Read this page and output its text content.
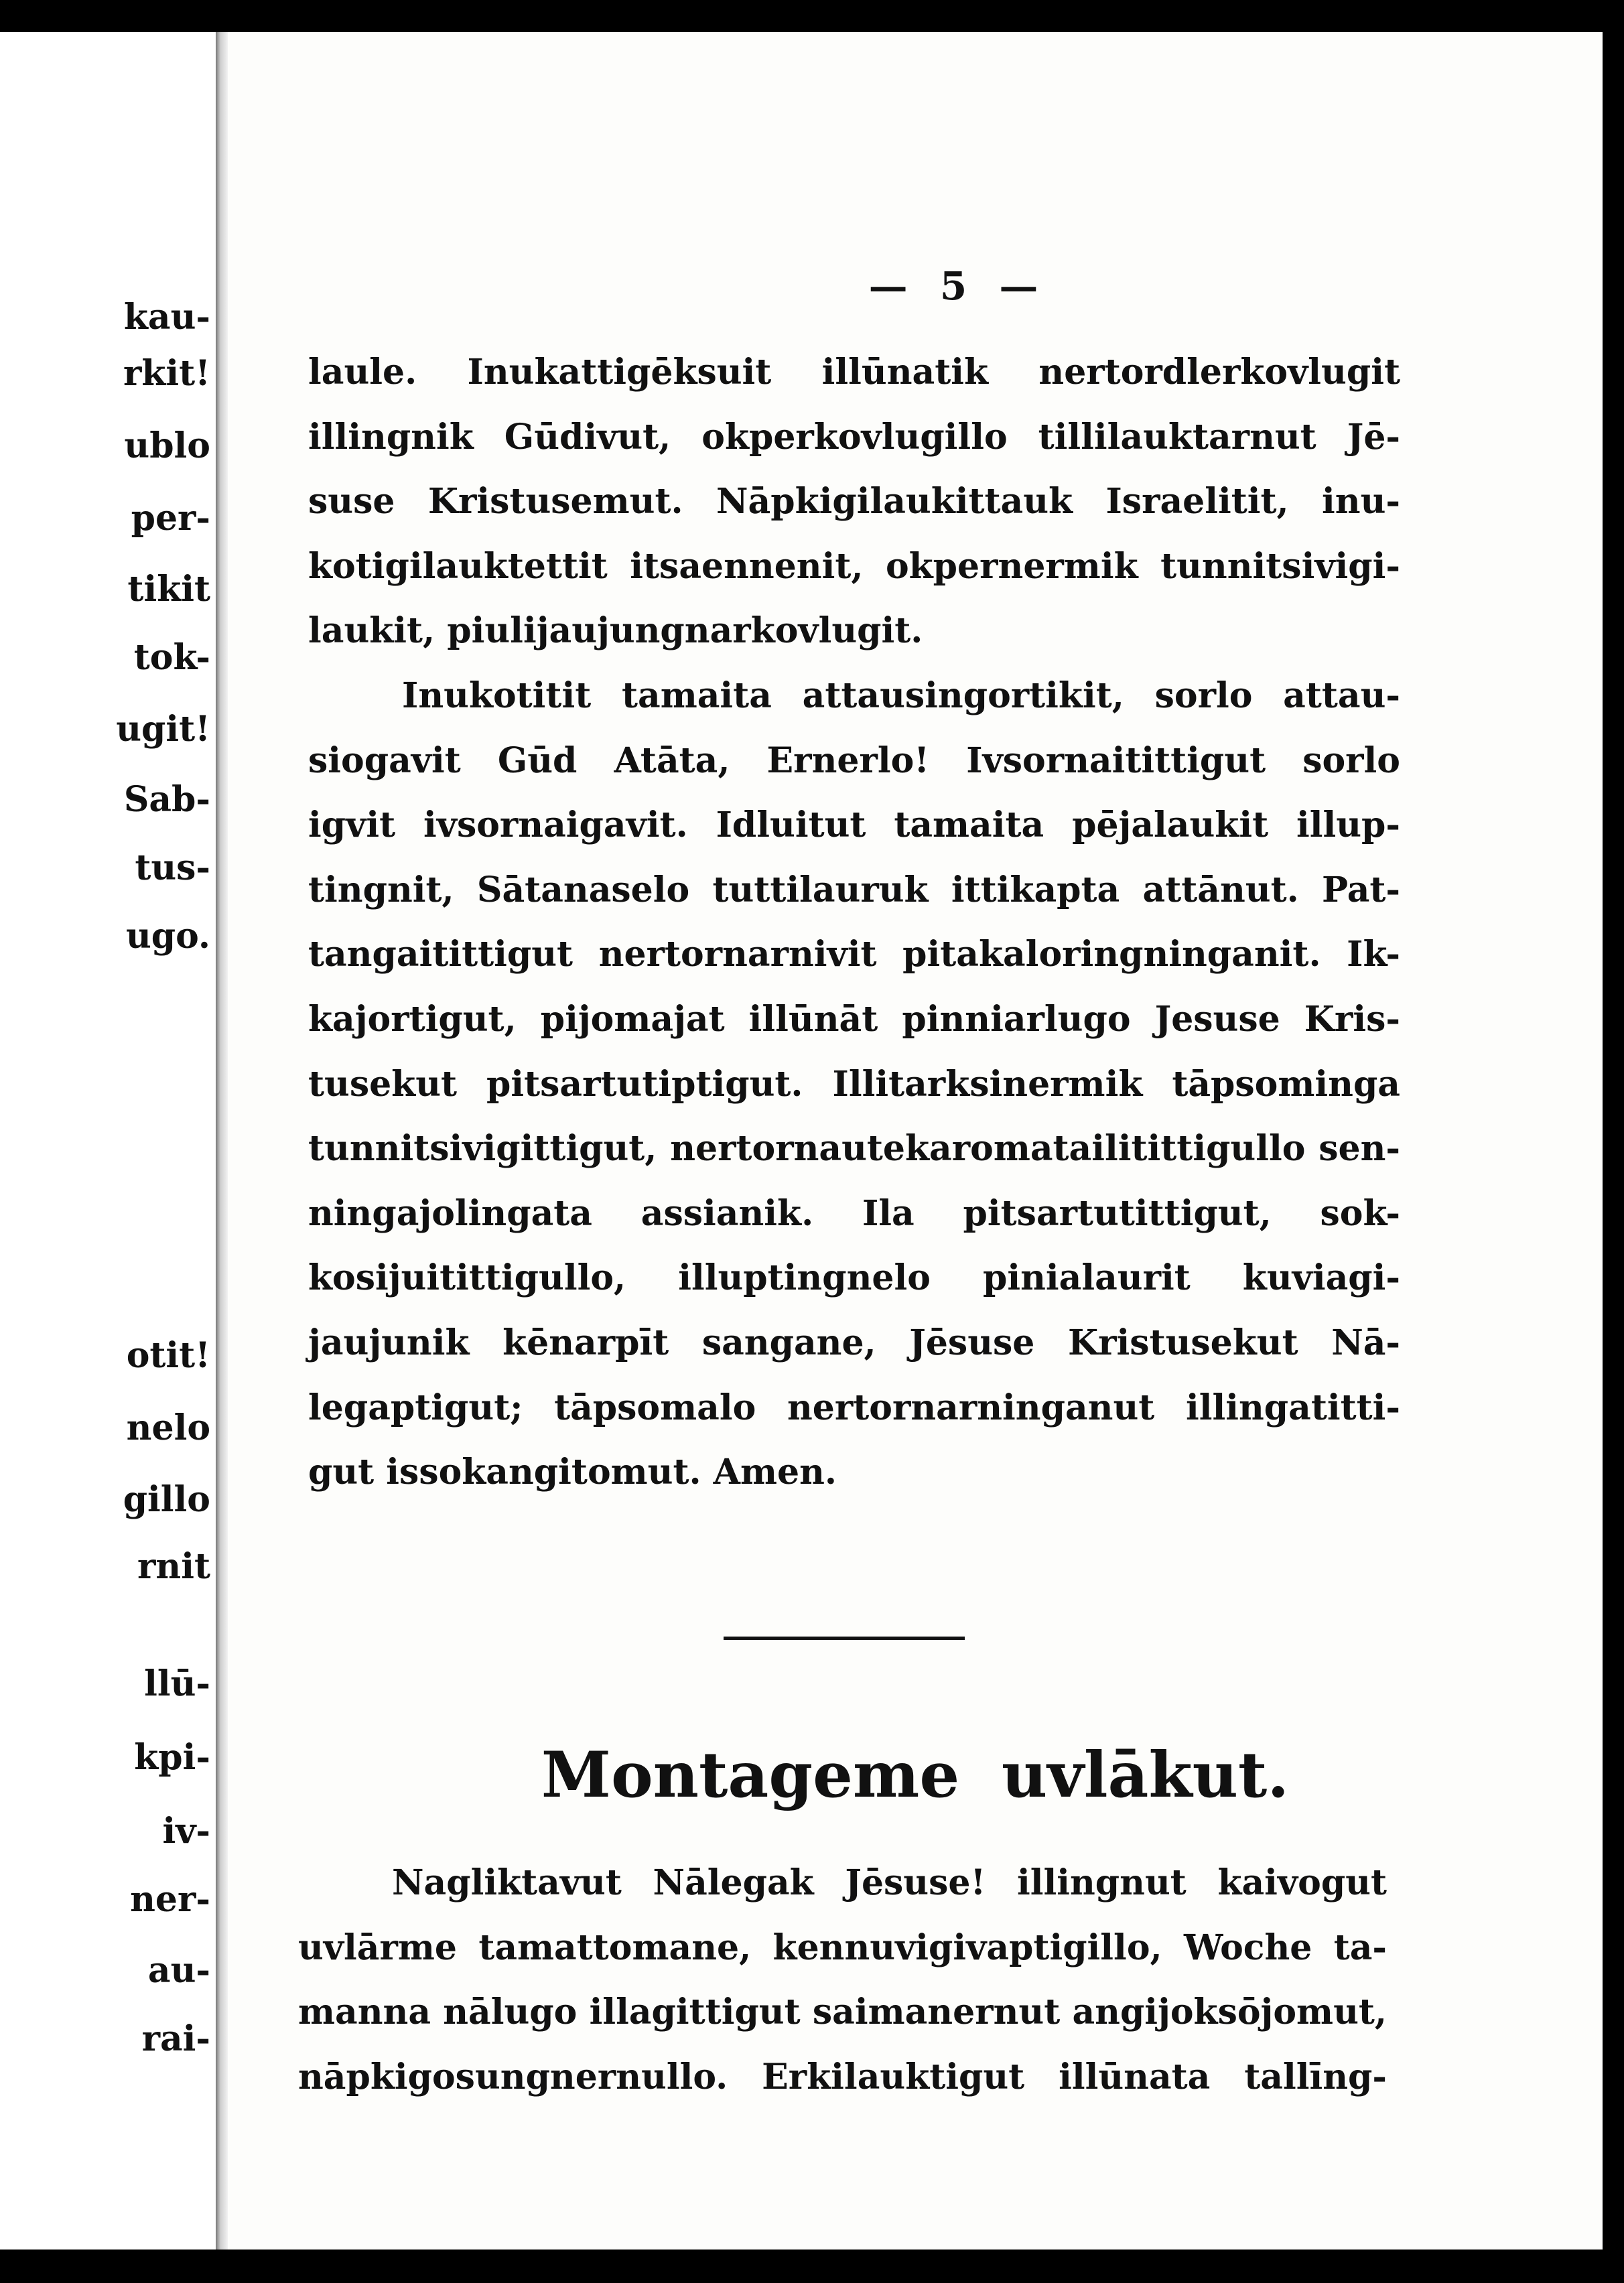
kau-
rkit!
ublo
per-
tikit
tok-
ugit!
Sab-
tus-
ugo.
otit!
nelo
gillo
rnit
llū-
kpi-
iv-
ner-
au-
rai-
— 5 —
laule. Inukattigēksuit illūnatik nertordlerkovlugit
illingnik Gūdivut, okperkovlugillo tillilauktarnut Jē-
suse Kristusemut. Nāpkigilaukittauk Israelitit, inu-
kotigilauktettit itsaennenit, okpernermik tunnitsivigi-
laukit, piulijaujungnarkovlugit.
Inukotitit tamaita attausingortikit, sorlo attau-
siogavit Gūd Atāta, Ernerlo! Ivsornaitittigut sorlo
igvit ivsornaigavit. Idluitut tamaita pējalaukit illup-
tingnit, Sātanaselo tuttilauruk ittikapta attānut. Pat-
tangaitittigut nertornarnivit pitakaloringninganit. Ik-
kajortigut, pijomajat illūnāt pinniarlugo Jesuse Kris-
tusekut pitsartutiptigut. Illitarksinermik tāpsominga
tunnitsivigittigut, nertornautekaromatailitittigullo sen-
ningajolingata assianik. Ila pitsartutittigut, sok-
kosijuitittigullo, illuptingnelo pinialaurit kuviagi-
jaujunik kēnarpīt sangane, Jēsuse Kristusekut Nā-
legaptigut; tāpsomalo nertornarninganut illingatitti-
gut issokangitomut. Amen.
Montageme uvlākut.
Nagliktavut Nālegak Jēsuse! illingnut kaivogut
uvlārme tamattomane, kennuvigivaptigillo, Woche ta-
manna nālugo illagittigut saimanernut angijoksōjomut,
nāpkigosungnernullo. Erkilauktigut illūnata tallīng-
